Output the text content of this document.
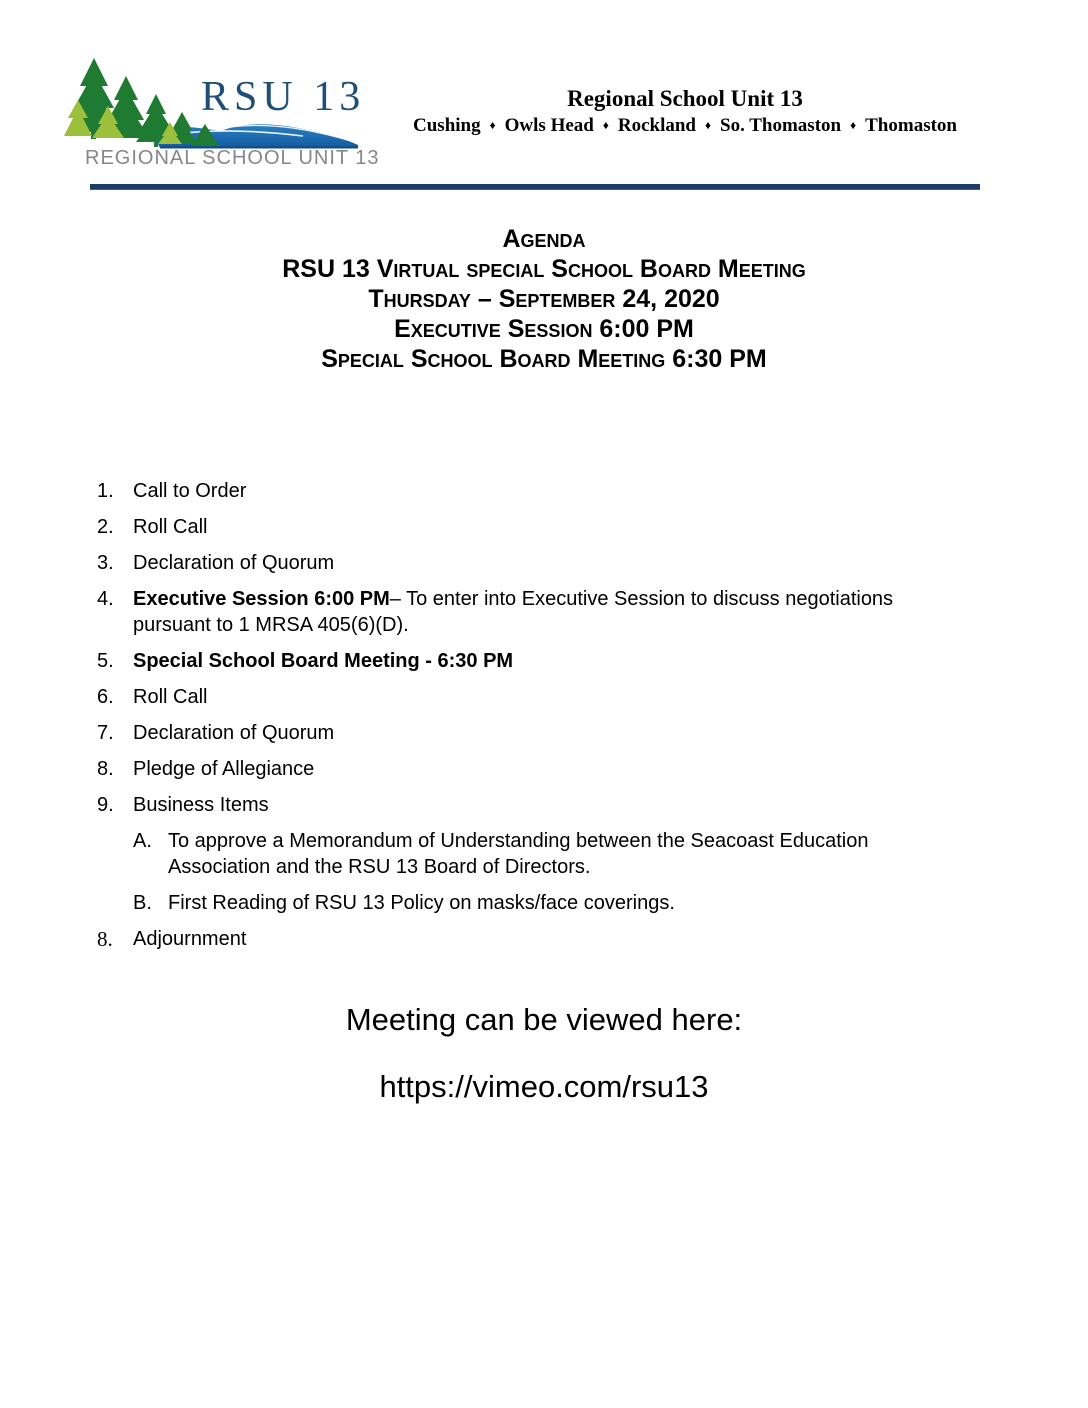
RSU 13
REGIONAL SCHOOL UNIT 13
Regional School Unit 13
Cushing ♦ Owls Head ♦ Rockland ♦ So. Thomaston ♦ Thomaston
Agenda
RSU 13 Virtual special School Board Meeting
Thursday – September 24, 2020
Executive Session 6:00 PM
Special School Board Meeting 6:30 PM
1. Call to Order

2. Roll Call

3. Declaration of Quorum

4. Executive Session 6:00 PM– To enter into Executive Session to discuss negotiations pursuant to 1 MRSA 405(6)(D).

5. Special School Board Meeting - 6:30 PM

6. Roll Call

7. Declaration of Quorum

8. Pledge of Allegiance

9. Business Items

A. To approve a Memorandum of Understanding between the Seacoast Education Association and the RSU 13 Board of Directors.

B. First Reading of RSU 13 Policy on masks/face coverings.

8.	Adjournment

Meeting can be viewed here:
https://vimeo.com/rsu13
